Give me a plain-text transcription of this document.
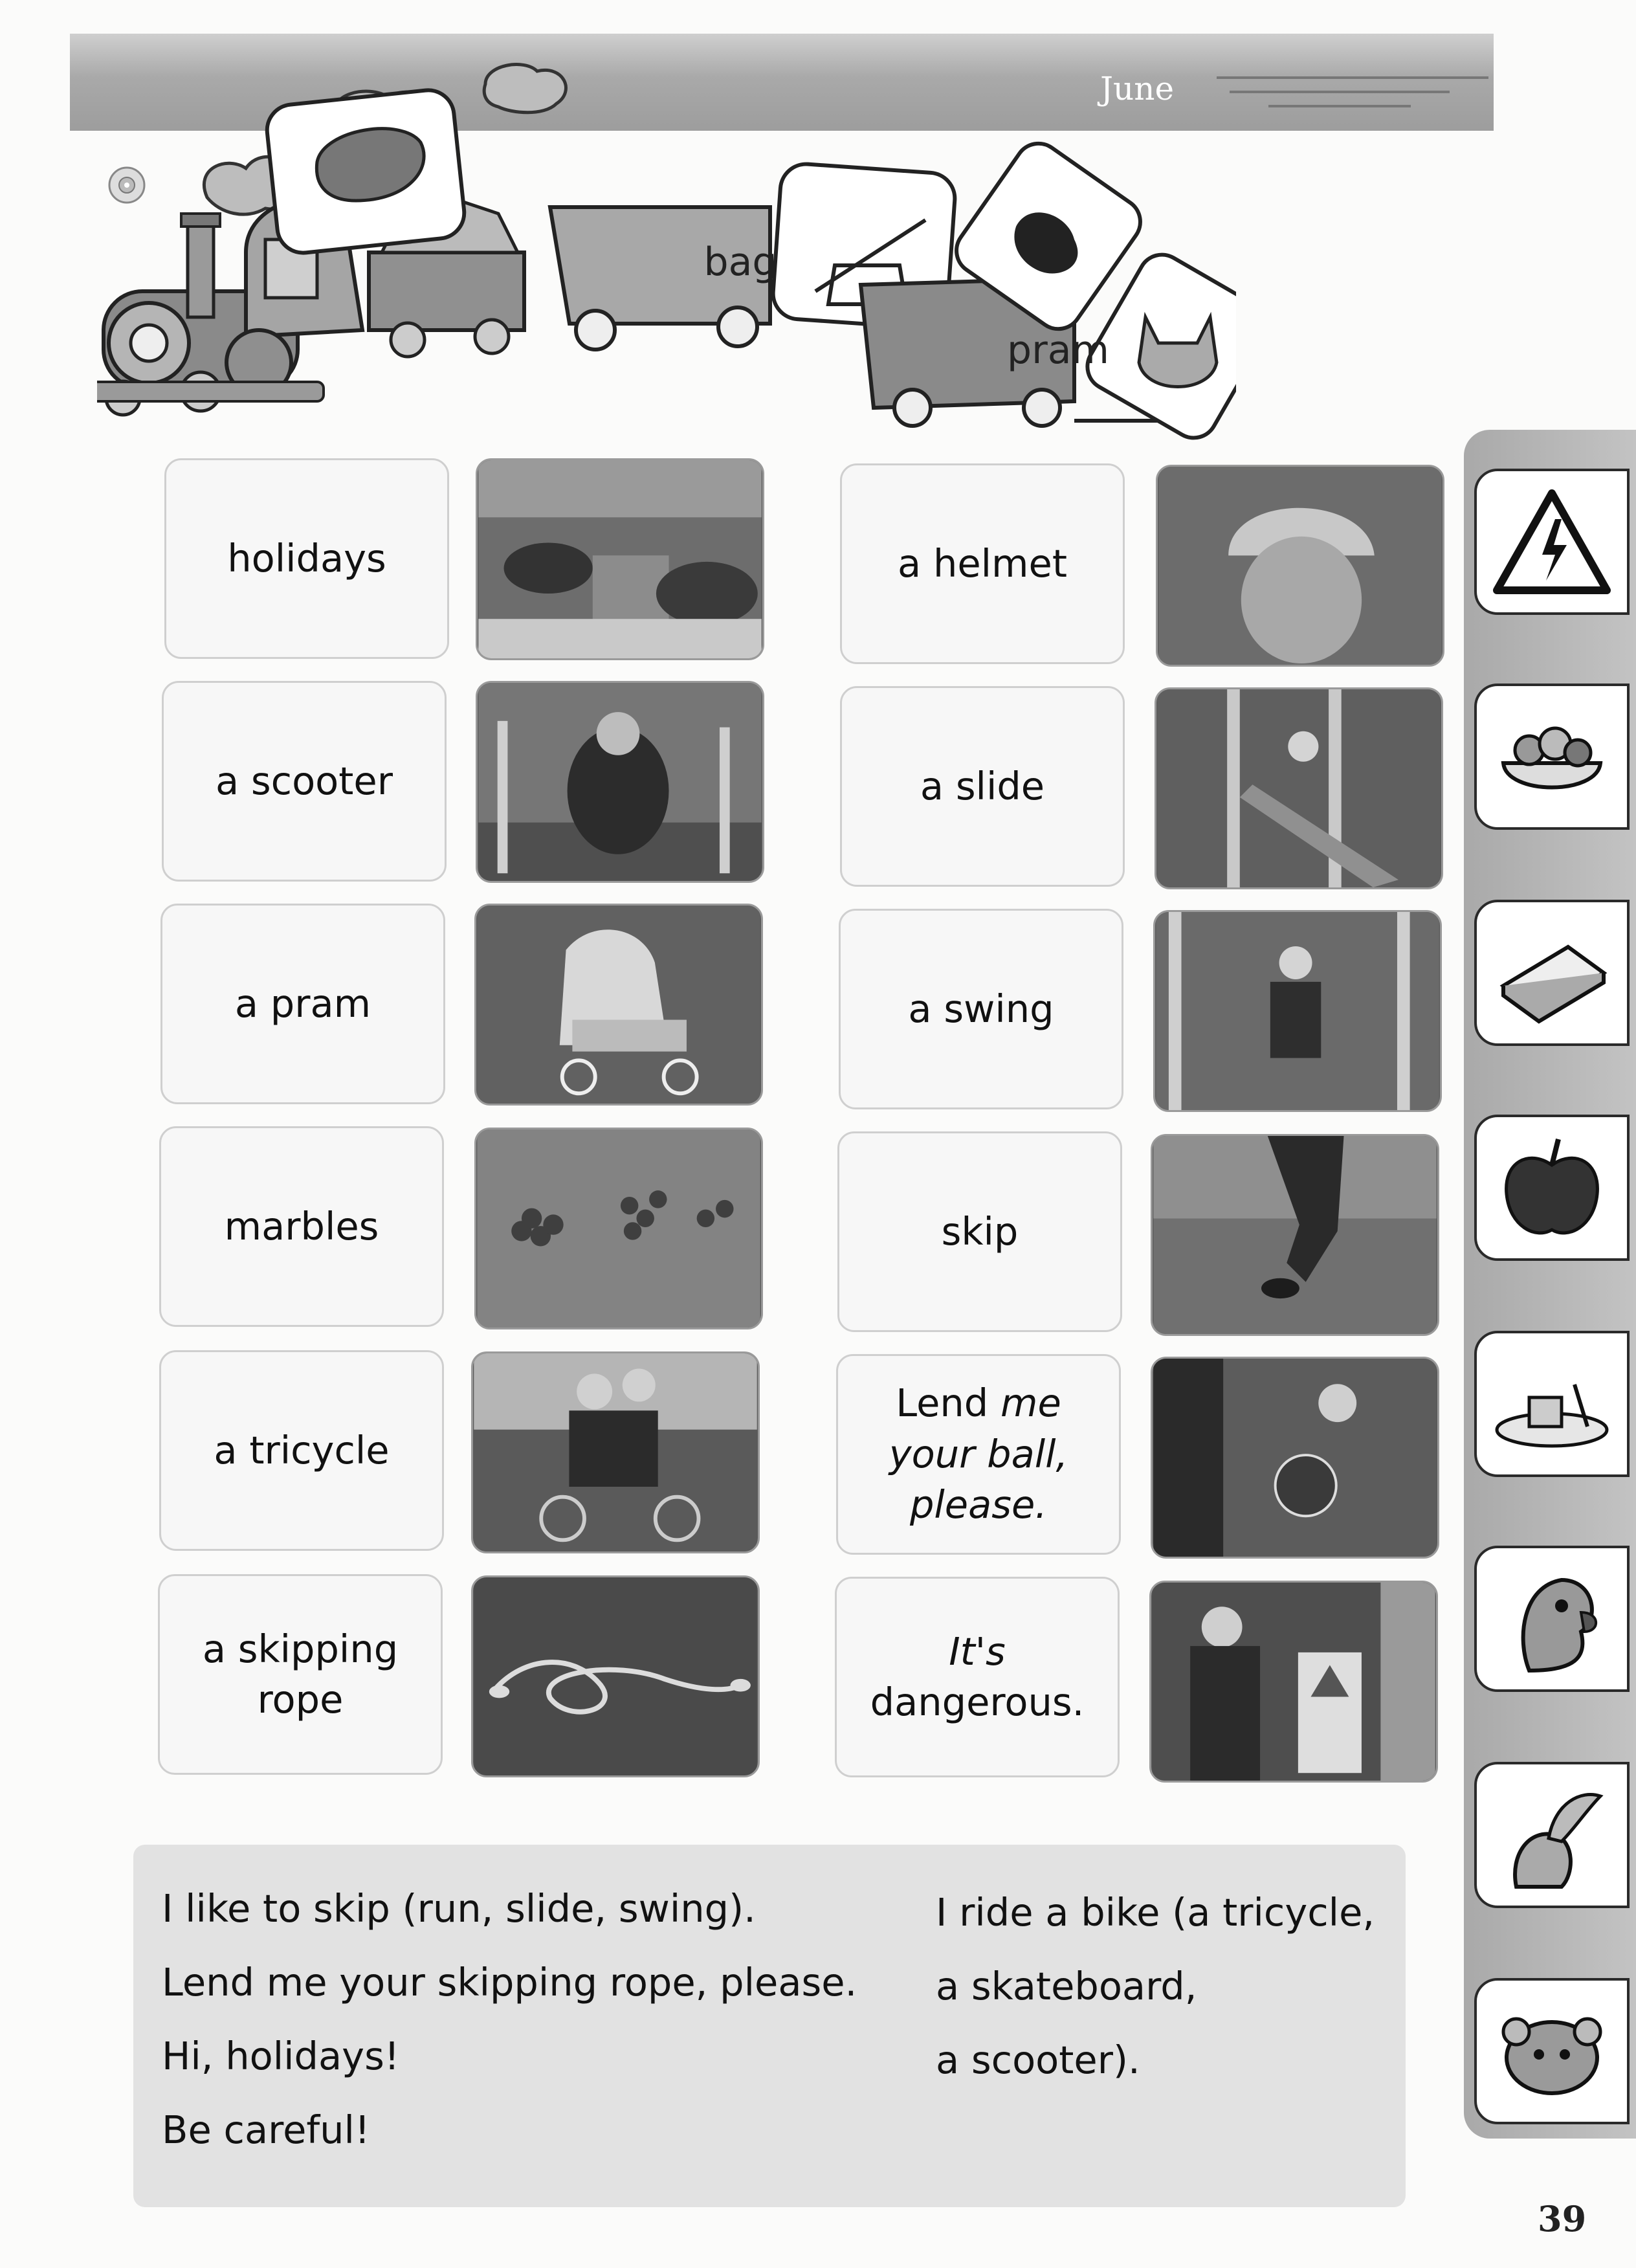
June
bag
pram
holidays
a scooter
a pram
marbles
a tricycle
a skipping rope
a helmet
a slide
a swing
skip
Lend me
your ball,
please.
It's
dangerous.
I like to skip (run, slide, swing).
Lend me your skipping rope, please.
Hi, holidays!
Be careful!
I ride a bike (a tricycle,
a skateboard,
a scooter).
39
